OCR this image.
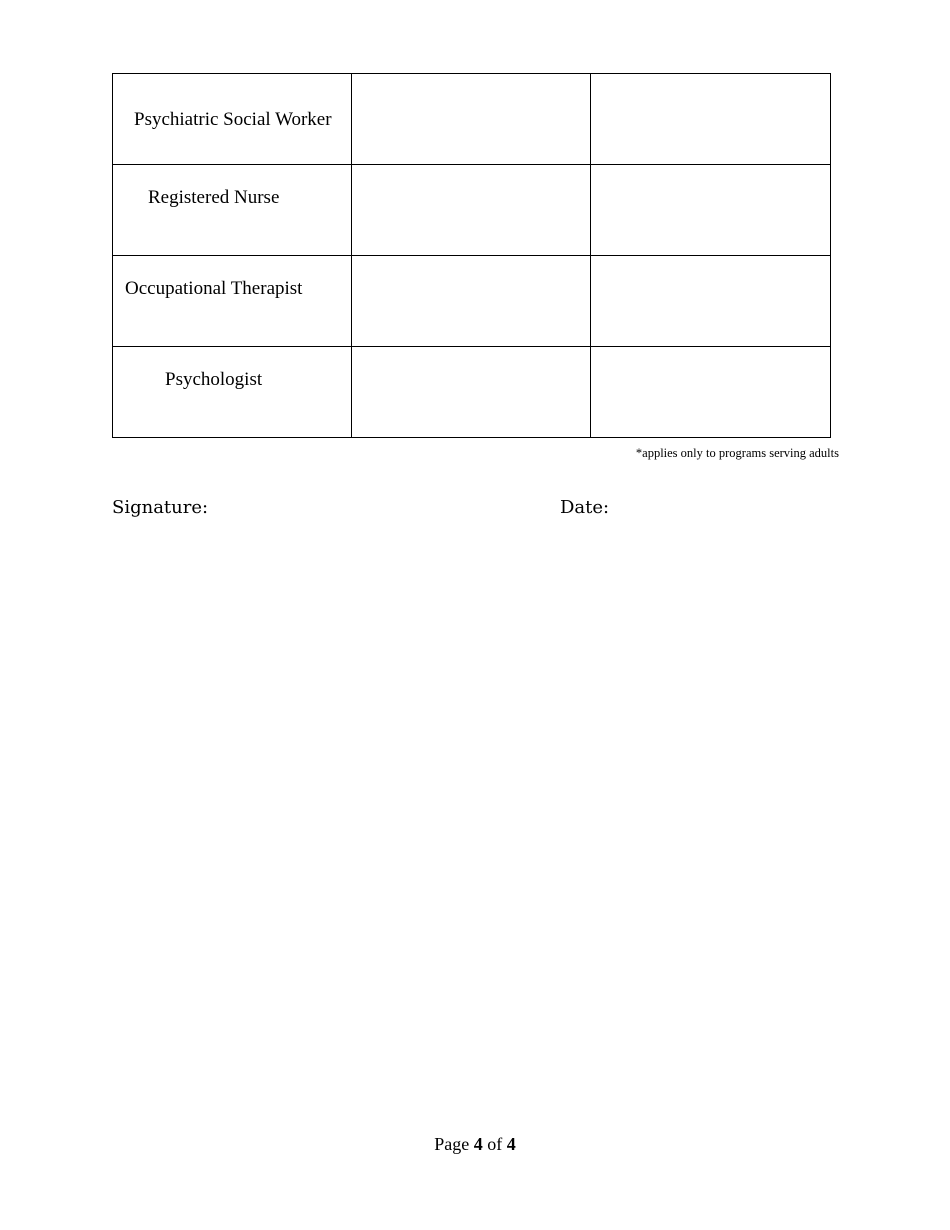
Psychiatric Social Worker		

Registered Nurse		

Occupational Therapist		

Psychologist		

*applies only to programs serving adults
Signature:	Date:
Page 4 of 4
